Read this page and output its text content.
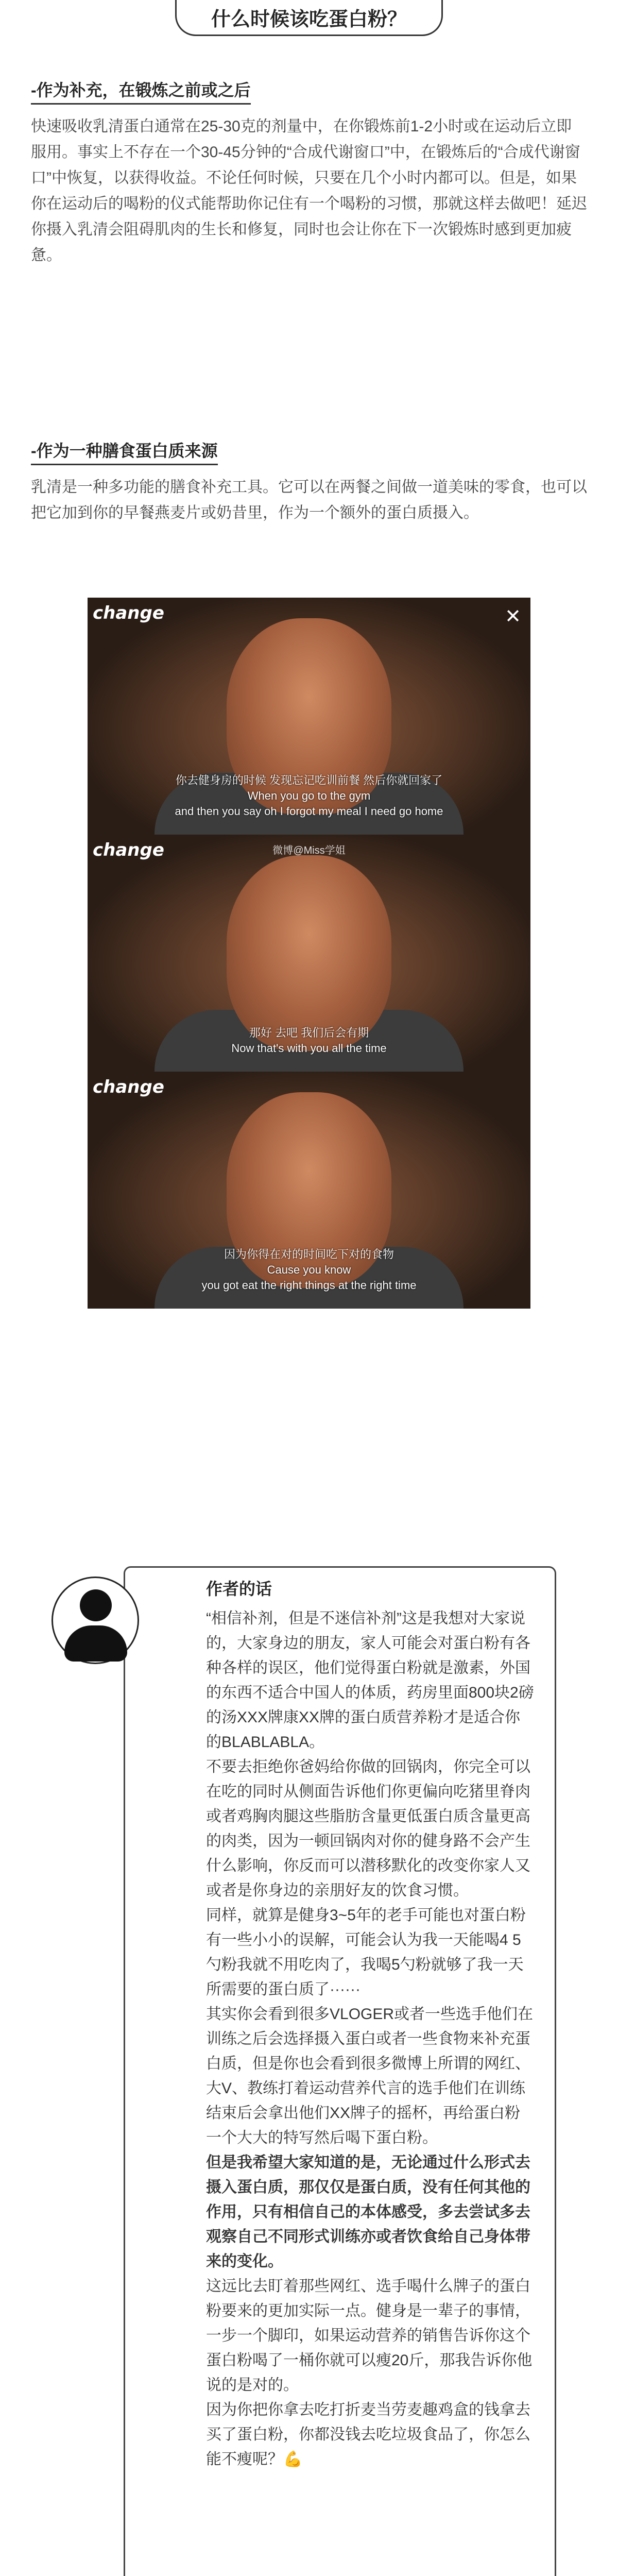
什么时候该吃蛋白粉？
-作为补充，在锻炼之前或之后
快速吸收乳清蛋白通常在25-30克的剂量中，在你锻炼前1-2小时或在运动后立即服用。事实上不存在一个30-45分钟的“合成代谢窗口”中，在锻炼后的“合成代谢窗口”中恢复，以获得收益。不论任何时候，只要在几个小时内都可以。但是，如果你在运动后的喝粉的仪式能帮助你记住有一个喝粉的习惯，那就这样去做吧！延迟你摄入乳清会阻碍肌肉的生长和修复，同时也会让你在下一次锻炼时感到更加疲惫。
-作为一种膳食蛋白质来源
乳清是一种多功能的膳食补充工具。它可以在两餐之间做一道美味的零食，也可以把它加到你的早餐燕麦片或奶昔里，作为一个额外的蛋白质摄入。
change	✕
你去健身房的时候 发现忘记吃训前餐 然后你就回家了
When you go to the gym
and then you say oh I forgot my meal I need go home
change	微博@Miss学姐
那好 去吧 我们后会有期
Now that's with you all the time
change
因为你得在对的时间吃下对的食物
Cause you know
you got eat the right things at the right time
作者的话

“相信补剂，但是不迷信补剂”这是我想对大家说的，大家身边的朋友，家人可能会对蛋白粉有各种各样的误区，他们觉得蛋白粉就是激素，外国的东西不适合中国人的体质，药房里面800块2磅的汤XXX牌康XX牌的蛋白质营养粉才是适合你的BLABLABLA。

不要去拒绝你爸妈给你做的回锅肉，你完全可以在吃的同时从侧面告诉他们你更偏向吃猪里脊肉或者鸡胸肉腿这些脂肪含量更低蛋白质含量更高的肉类，因为一顿回锅肉对你的健身路不会产生什么影响，你反而可以潜移默化的改变你家人又或者是你身边的亲朋好友的饮食习惯。

同样，就算是健身3~5年的老手可能也对蛋白粉有一些小小的误解，可能会认为我一天能喝4 5勺粉我就不用吃肉了，我喝5勺粉就够了我一天所需要的蛋白质了······

其实你会看到很多VLOGER或者一些选手他们在训练之后会选择摄入蛋白或者一些食物来补充蛋白质，但是你也会看到很多微博上所谓的网红、大V、教练打着运动营养代言的选手他们在训练结束后会拿出他们XX牌子的摇杯，再给蛋白粉一个大大的特写然后喝下蛋白粉。

但是我希望大家知道的是，无论通过什么形式去摄入蛋白质，那仅仅是蛋白质，没有任何其他的作用，只有相信自己的本体感受，多去尝试多去观察自己不同形式训练亦或者饮食给自己身体带来的变化。

这远比去盯着那些网红、选手喝什么牌子的蛋白粉要来的更加实际一点。健身是一辈子的事情，一步一个脚印，如果运动营养的销售告诉你这个蛋白粉喝了一桶你就可以瘦20斤，那我告诉你他说的是对的。

因为你把你拿去吃打折麦当劳麦趣鸡盒的钱拿去买了蛋白粉，你都没钱去吃垃圾食品了，你怎么能不瘦呢？💪
